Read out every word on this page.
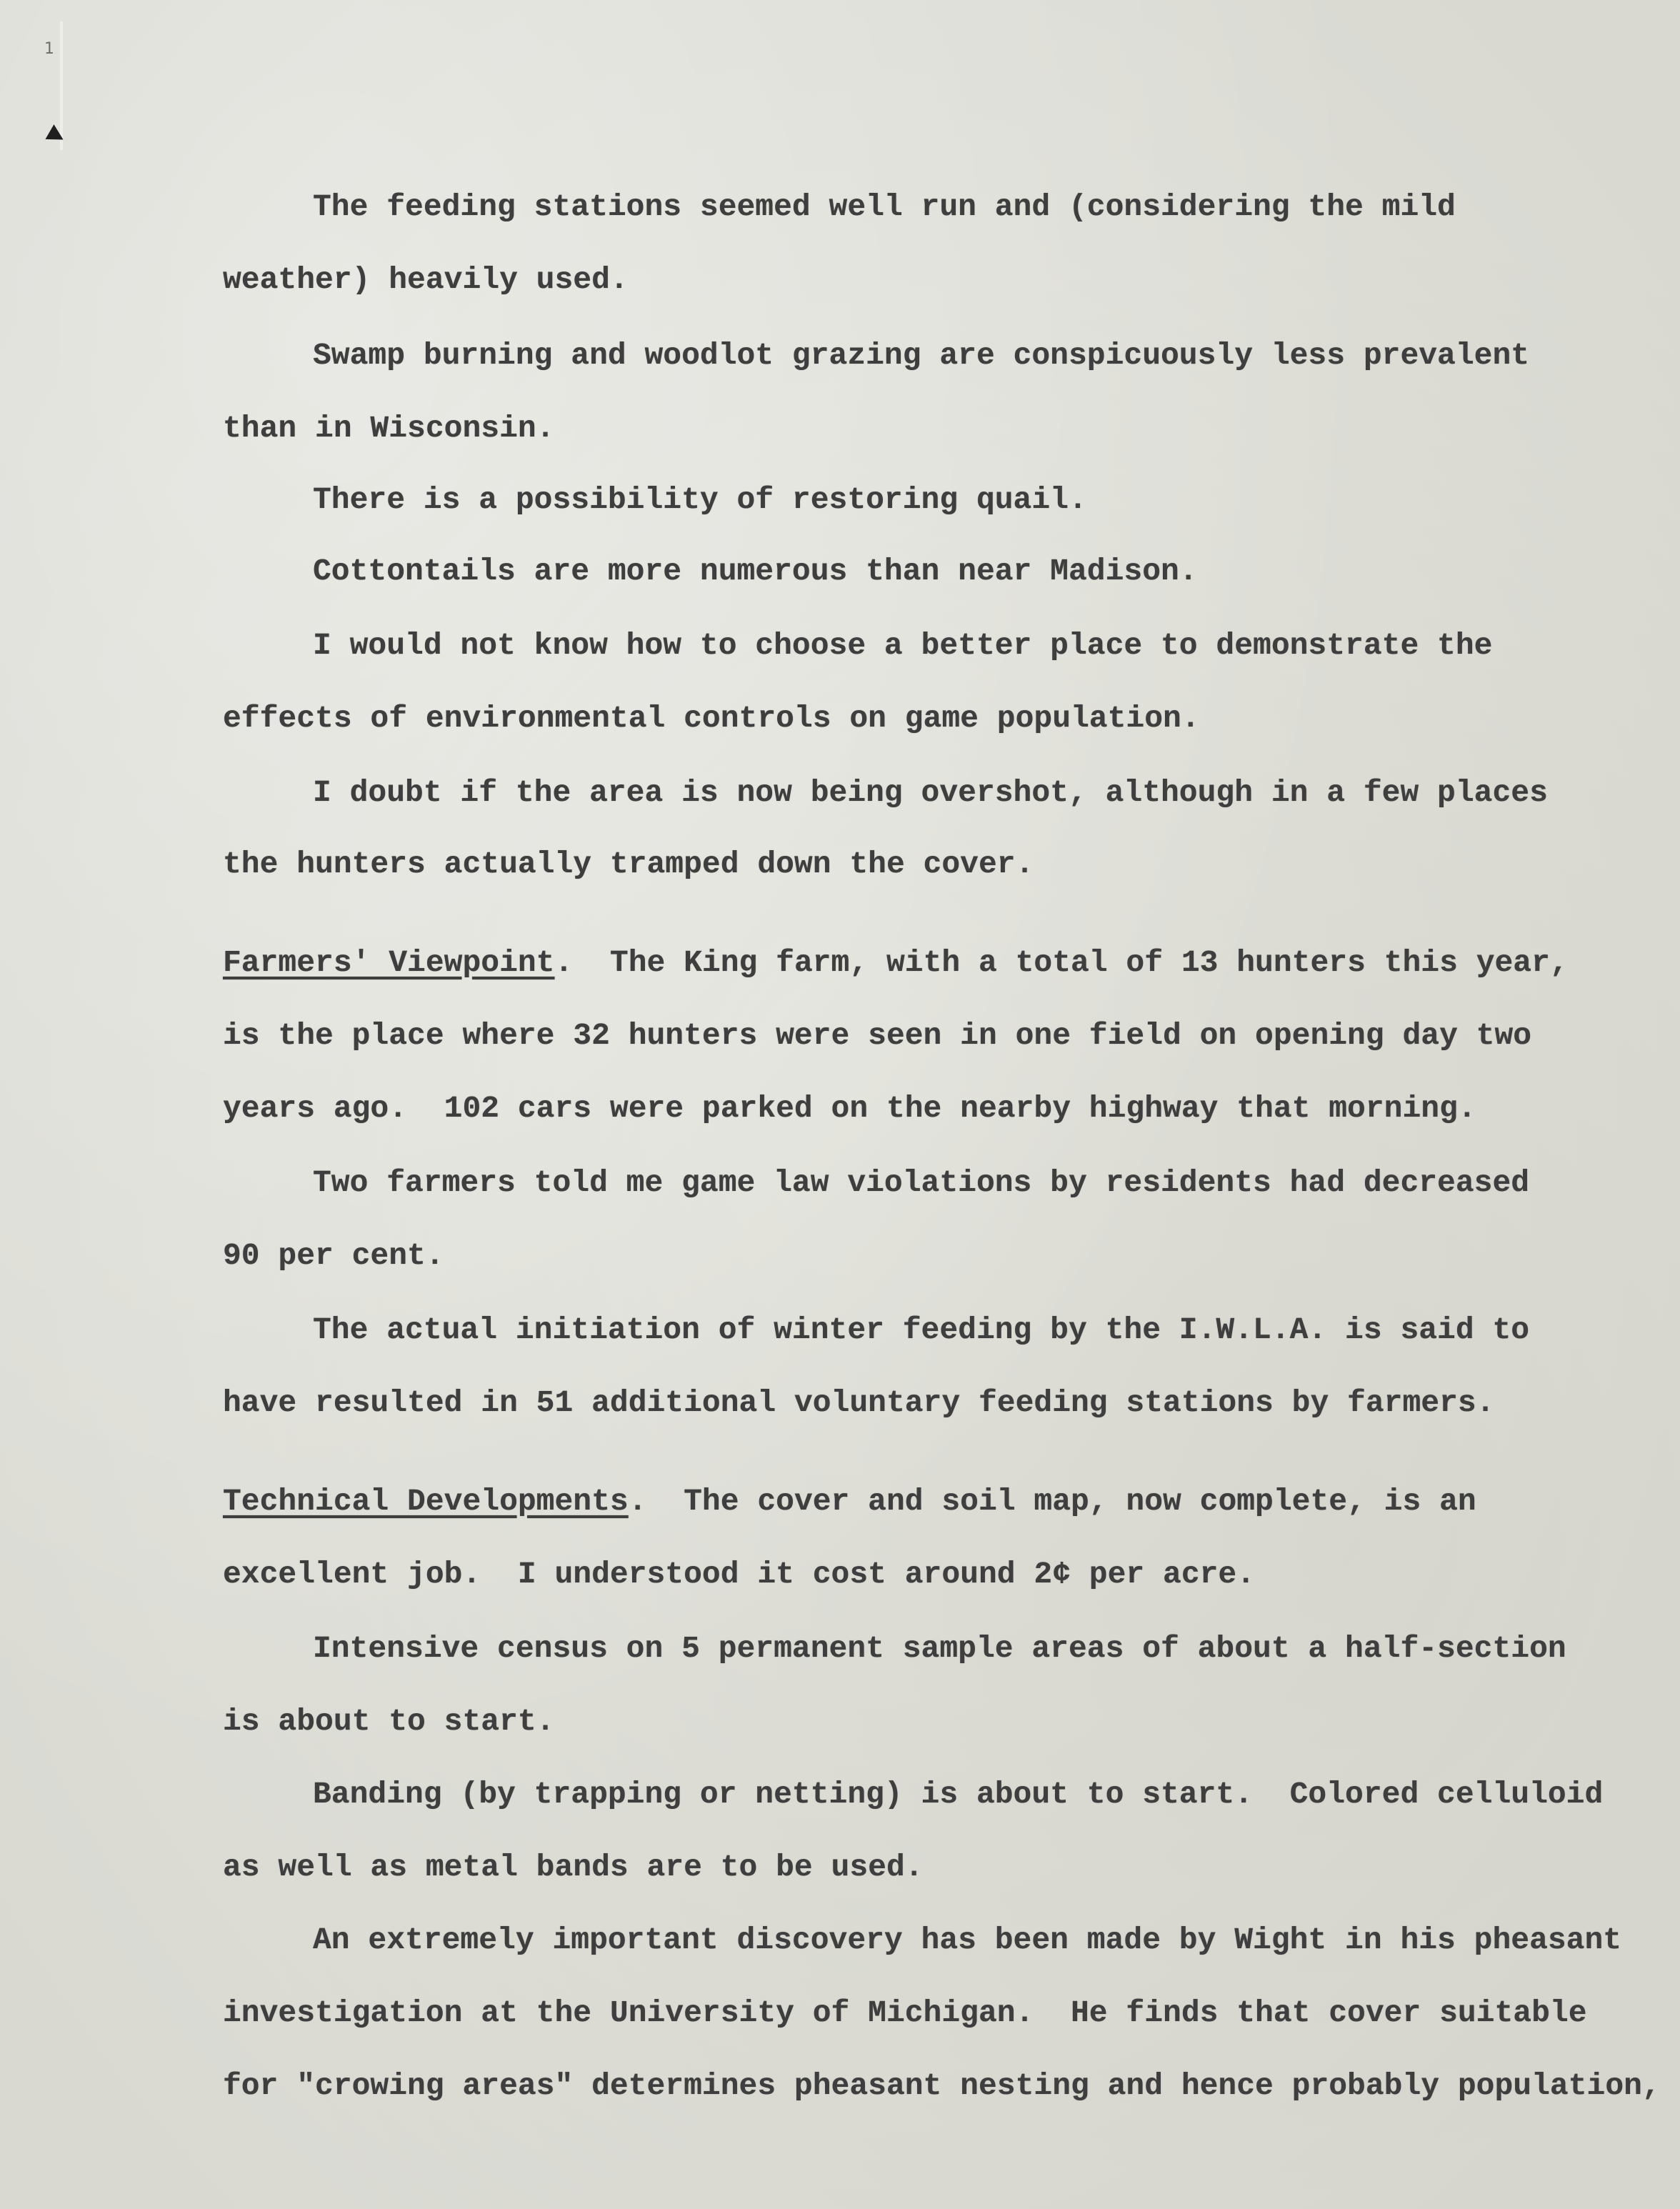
1
The feeding stations seemed well run and (considering the mild
weather) heavily used.
Swamp burning and woodlot grazing are conspicuously less prevalent
than in Wisconsin.
There is a possibility of restoring quail.
Cottontails are more numerous than near Madison.
I would not know how to choose a better place to demonstrate the
effects of environmental controls on game population.
I doubt if the area is now being overshot, although in a few places
the hunters actually tramped down the cover.
Farmers' Viewpoint.  The King farm, with a total of 13 hunters this year,
is the place where 32 hunters were seen in one field on opening day two
years ago.  102 cars were parked on the nearby highway that morning.
Two farmers told me game law violations by residents had decreased
90 per cent.
The actual initiation of winter feeding by the I.W.L.A. is said to
have resulted in 51 additional voluntary feeding stations by farmers.
Technical Developments.  The cover and soil map, now complete, is an
excellent job.  I understood it cost around 2¢ per acre.
Intensive census on 5 permanent sample areas of about a half-section
is about to start.
Banding (by trapping or netting) is about to start.  Colored celluloid
as well as metal bands are to be used.
An extremely important discovery has been made by Wight in his pheasant
investigation at the University of Michigan.  He finds that cover suitable
for "crowing areas" determines pheasant nesting and hence probably population,
